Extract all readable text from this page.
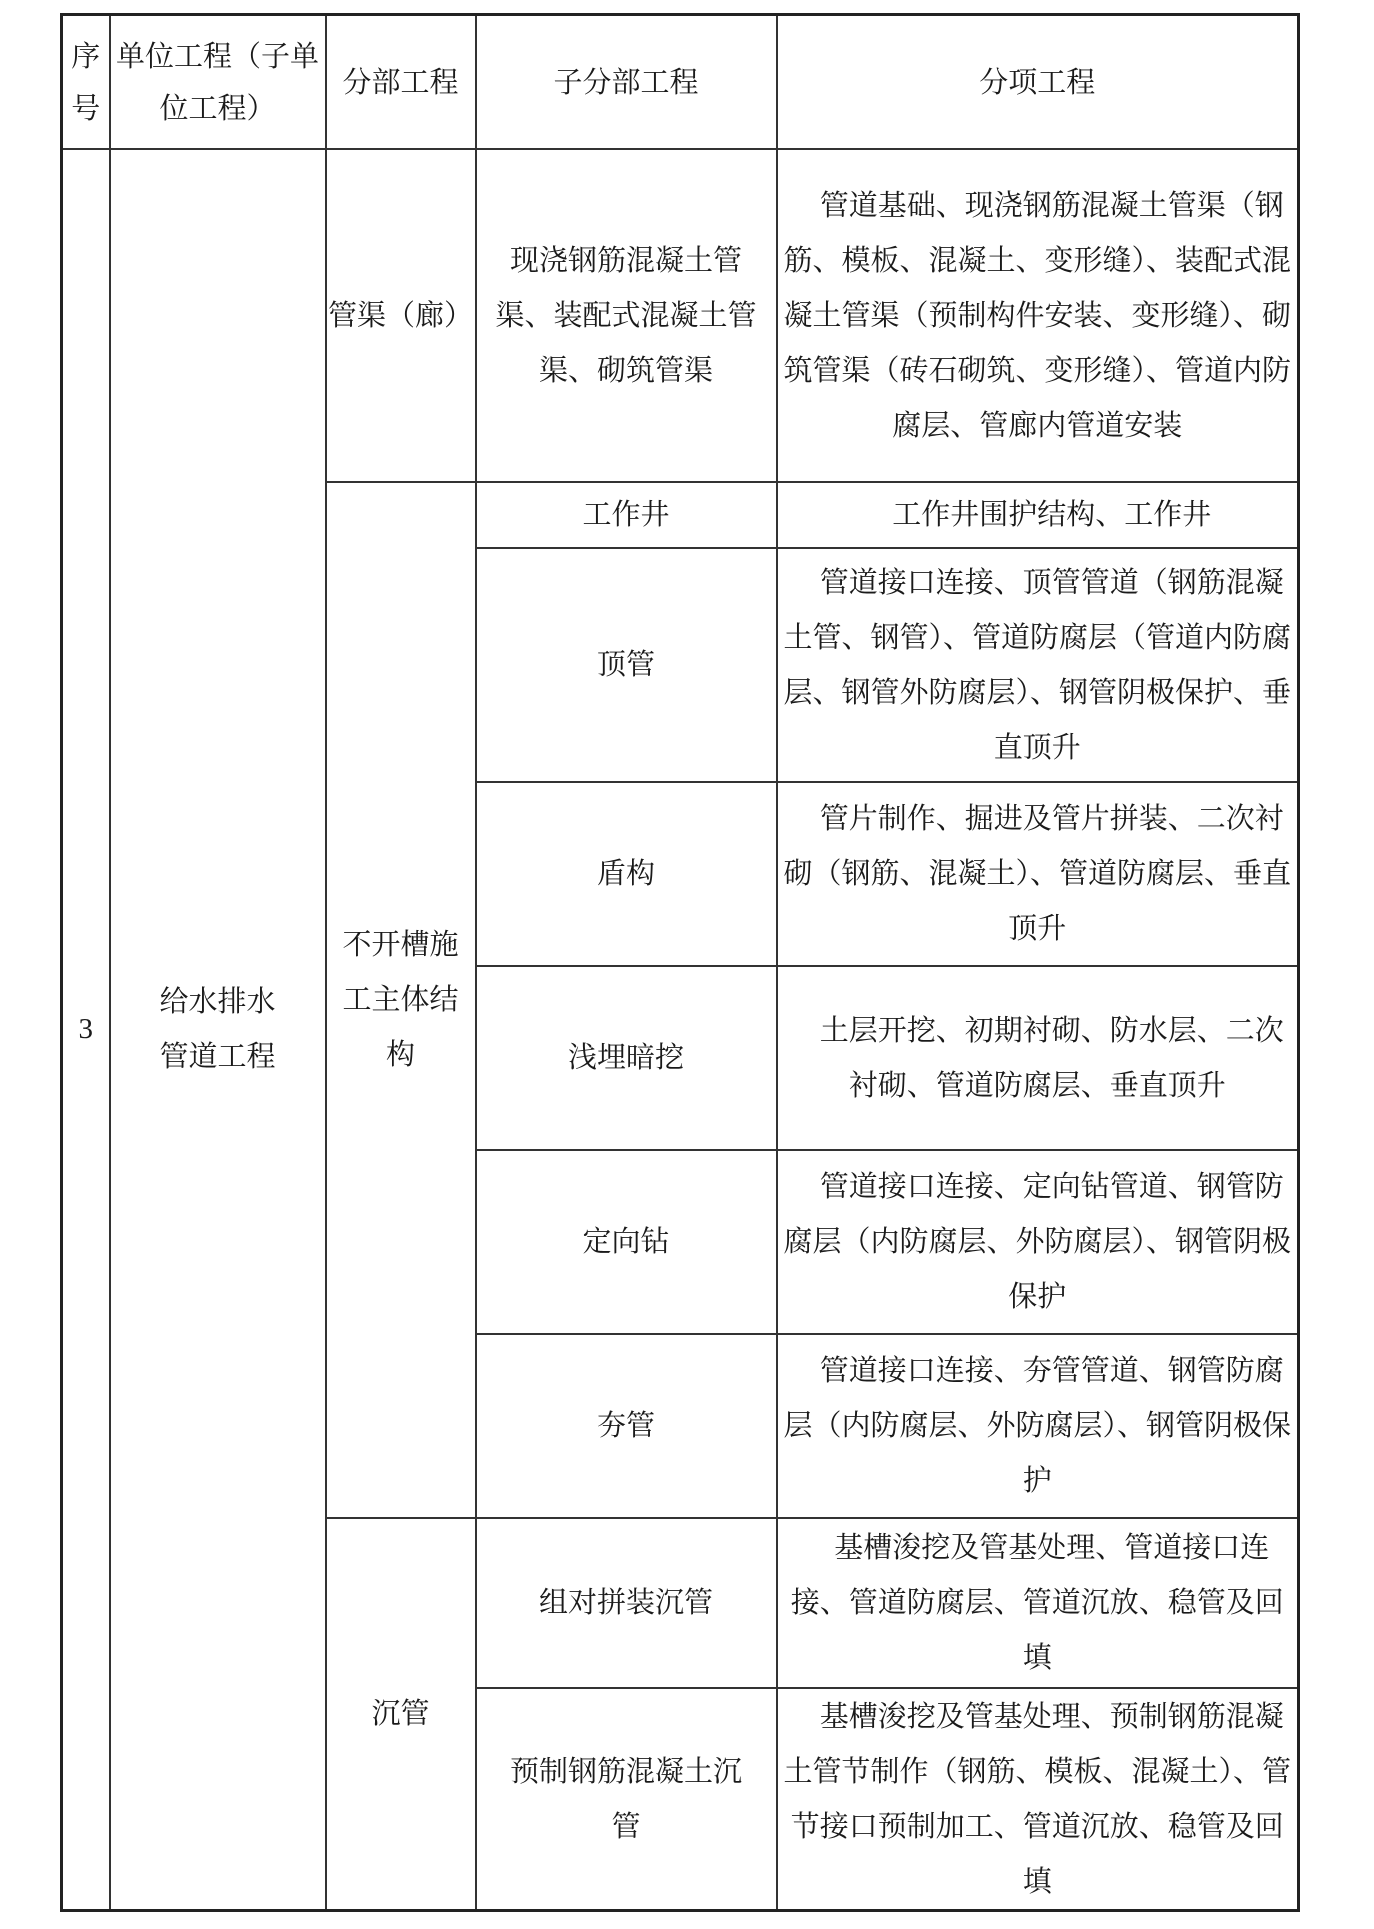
序号	单位工程（子单位工程）	分部工程	子分部工程	分项工程
3	给水排水管道工程	管渠（廊）	现浇钢筋混凝土管渠、装配式混凝土管渠、砌筑管渠	管道基础、现浇钢筋混凝土管渠（钢筋、模板、混凝土、变形缝）、装配式混凝土管渠（预制构件安装、变形缝）、砌筑管渠（砖石砌筑、变形缝）、管道内防腐层、管廊内管道安装

		不开槽施工主体结构	工作井	工作井围护结构、工作井

			顶管	管道接口连接、顶管管道（钢筋混凝土管、钢管）、管道防腐层（管道内防腐层、钢管外防腐层）、钢管阴极保护、垂直顶升

			盾构	管片制作、掘进及管片拼装、二次衬砌（钢筋、混凝土）、管道防腐层、垂直顶升

			浅埋暗挖	土层开挖、初期衬砌、防水层、二次衬砌、管道防腐层、垂直顶升

			定向钻	管道接口连接、定向钻管道、钢管防腐层（内防腐层、外防腐层）、钢管阴极保护

			夯管	管道接口连接、夯管管道、钢管防腐层（内防腐层、外防腐层）、钢管阴极保护

		沉管	组对拼装沉管	基槽浚挖及管基处理、管道接口连接、管道防腐层、管道沉放、稳管及回填

			预制钢筋混凝土沉管	基槽浚挖及管基处理、预制钢筋混凝土管节制作（钢筋、模板、混凝土）、管节接口预制加工、管道沉放、稳管及回填
